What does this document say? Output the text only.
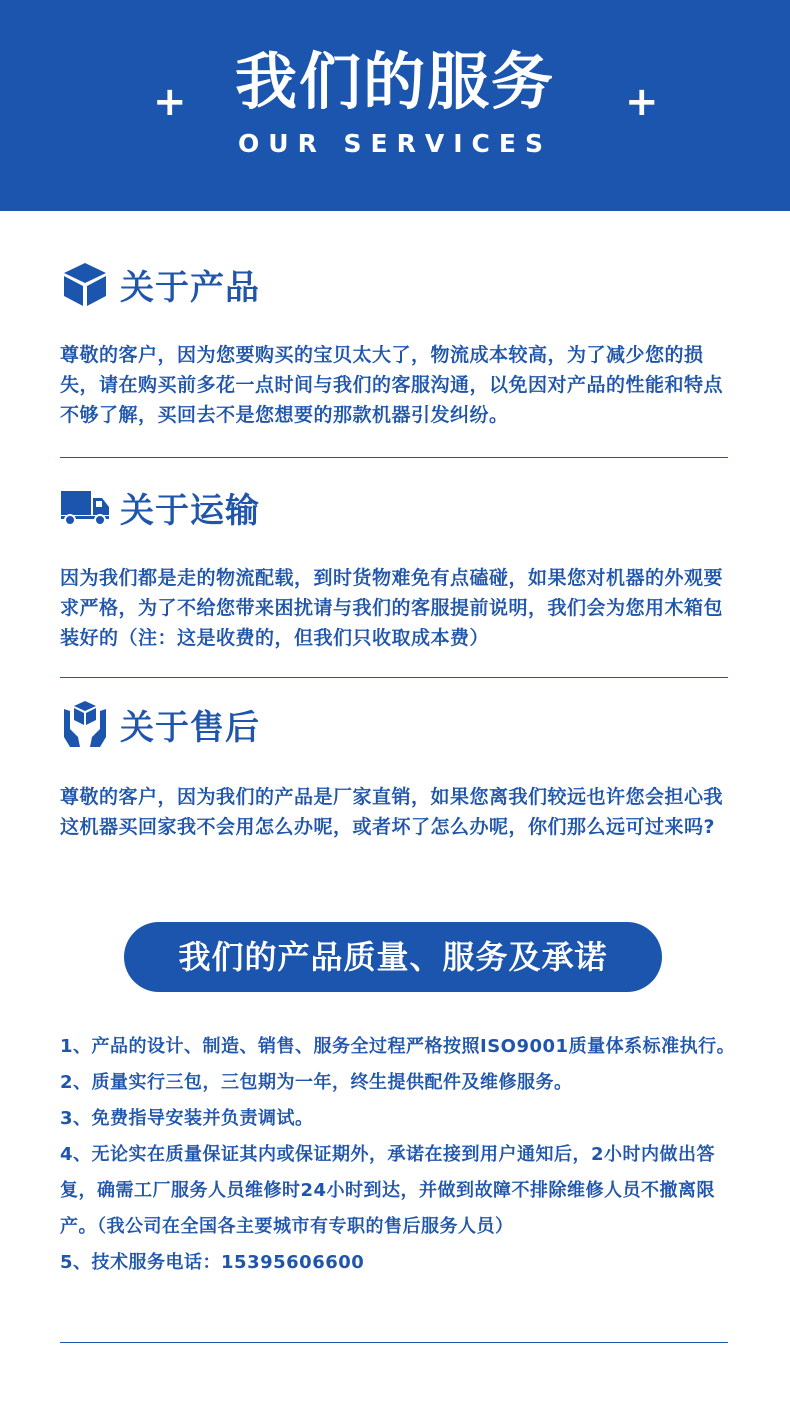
+ 我们的服务	+
OUR SERVICES
关于产品
尊敬的客户，因为您要购买的宝贝太大了，物流成本较高，为了减少您的损失，请在购买前多花一点时间与我们的客服沟通，以免因对产品的性能和特点不够了解，买回去不是您想要的那款机器引发纠纷。
关于运输
因为我们都是走的物流配载，到时货物难免有点磕碰，如果您对机器的外观要求严格，为了不给您带来困扰请与我们的客服提前说明，我们会为您用木箱包装好的（注：这是收费的，但我们只收取成本费）
关于售后
尊敬的客户，因为我们的产品是厂家直销，如果您离我们较远也许您会担心我这机器买回家我不会用怎么办呢，或者坏了怎么办呢，你们那么远可过来吗?
我们的产品质量、服务及承诺

1、产品的设计、制造、销售、服务全过程严格按照ISO9001质量体系标准执行。

2、质量实行三包，三包期为一年，终生提供配件及维修服务。

3、免费指导安装并负责调试。

4、无论实在质量保证其内或保证期外，承诺在接到用户通知后，2小时内做出答复，确需工厂服务人员维修时24小时到达，并做到故障不排除维修人员不撤离限产。（我公司在全国各主要城市有专职的售后服务人员）

5、技术服务电话：15395606600
